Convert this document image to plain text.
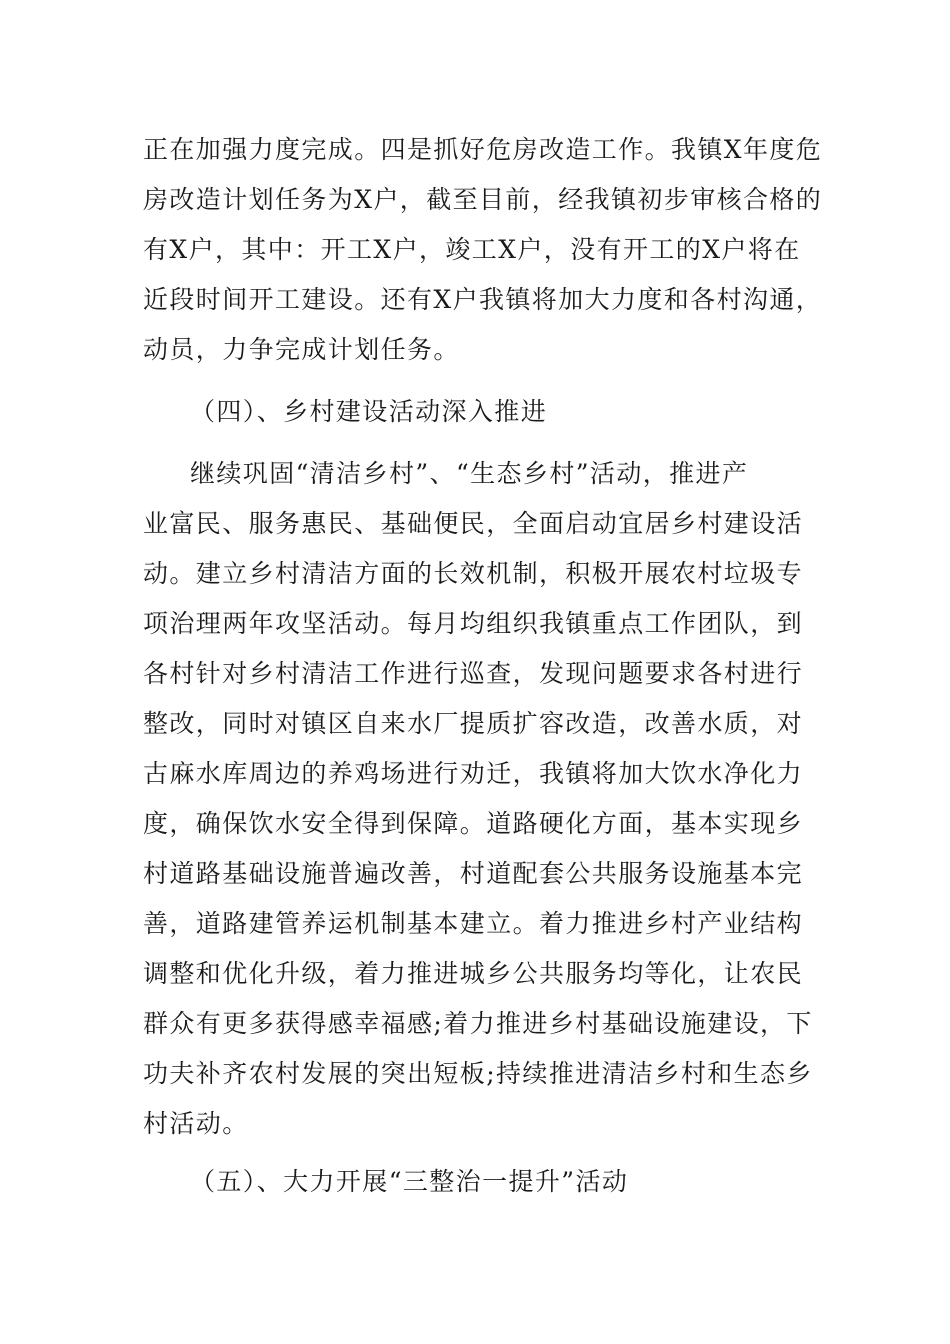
正在加强力度完成。四是抓好危房改造工作。我镇X年度危
房改造计划任务为X户，截至目前，经我镇初步审核合格的
有X户，其中：开工X户，竣工X户，没有开工的X户将在
近段时间开工建设。还有X户我镇将加大力度和各村沟通，
动员，力争完成计划任务。
（四）、乡村建设活动深入推进
继续巩固“清洁乡村”、“生态乡村”活动，推进产
业富民、服务惠民、基础便民，全面启动宜居乡村建设活
动。建立乡村清洁方面的长效机制，积极开展农村垃圾专
项治理两年攻坚活动。每月均组织我镇重点工作团队，到
各村针对乡村清洁工作进行巡查，发现问题要求各村进行
整改，同时对镇区自来水厂提质扩容改造，改善水质，对
古麻水库周边的养鸡场进行劝迁，我镇将加大饮水净化力
度，确保饮水安全得到保障。道路硬化方面，基本实现乡
村道路基础设施普遍改善，村道配套公共服务设施基本完
善，道路建管养运机制基本建立。着力推进乡村产业结构
调整和优化升级，着力推进城乡公共服务均等化，让农民
群众有更多获得感幸福感;着力推进乡村基础设施建设，下
功夫补齐农村发展的突出短板;持续推进清洁乡村和生态乡
村活动。
（五）、大力开展“三整治一提升”活动
